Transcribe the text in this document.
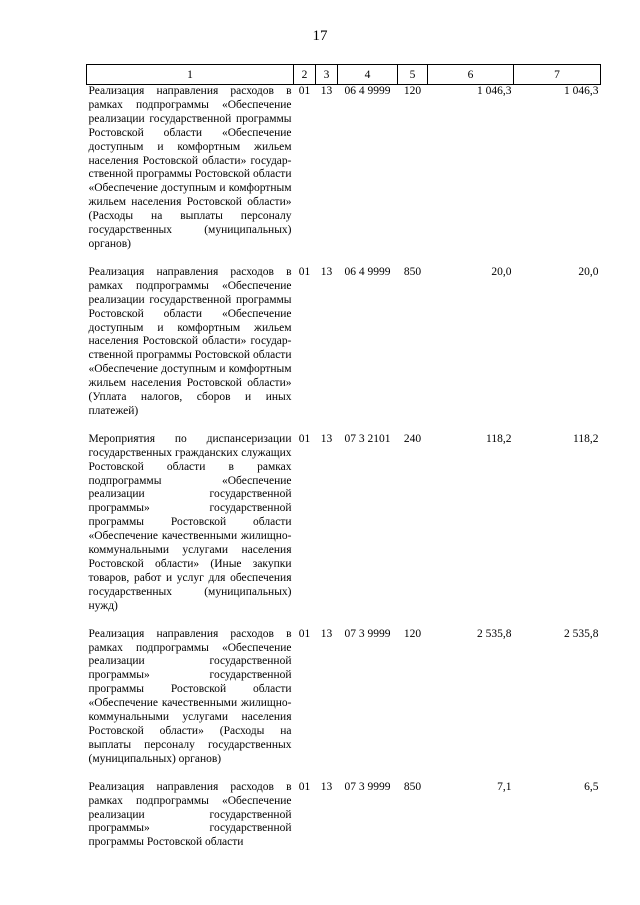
17
1	2	3	4	5	6	7
Реализация направления расходов в рамках подпрограммы «Обеспечение реализации государственной программы Ростовской области «Обеспечение доступным и комфортным жильем населения Ростовской области» государственной программы Ростовской области «Обеспечение доступным и комфортным жильем населения Ростовской области» (Расходы на выплаты персоналу государственных (муниципальных) органов)	01	13	06 4 9999	120	1 046,3	1 046,3
Реализация направления расходов в рамках подпрограммы «Обеспечение реализации государственной программы Ростовской области «Обеспечение доступным и комфортным жильем населения Ростовской области» государственной программы Ростовской области «Обеспечение доступным и комфортным жильем населения Ростовской области» (Уплата налогов, сборов и иных платежей)	01	13	06 4 9999	850	20,0	20,0
Мероприятия по диспансеризации государственных гражданских служащих Ростовской области в рамках подпрограммы «Обеспечение реализации государственной программы» государственной программы Ростовской области «Обеспечение качественными жилищно-коммунальными услугами населения Ростовской области» (Иные закупки товаров, работ и услуг для обеспечения государственных (муниципальных) нужд)	01	13	07 3 2101	240	118,2	118,2
Реализация направления расходов в рамках подпрограммы «Обеспечение реализации государственной программы» государственной программы Ростовской области «Обеспечение качественными жилищно-коммунальными услугами населения Ростовской области» (Расходы на выплаты персоналу государственных (муниципальных) органов)	01	13	07 3 9999	120	2 535,8	2 535,8
Реализация направления расходов в рамках подпрограммы «Обеспечение реализации государственной программы» государственной программы Ростовской области	01	13	07 3 9999	850	7,1	6,5
